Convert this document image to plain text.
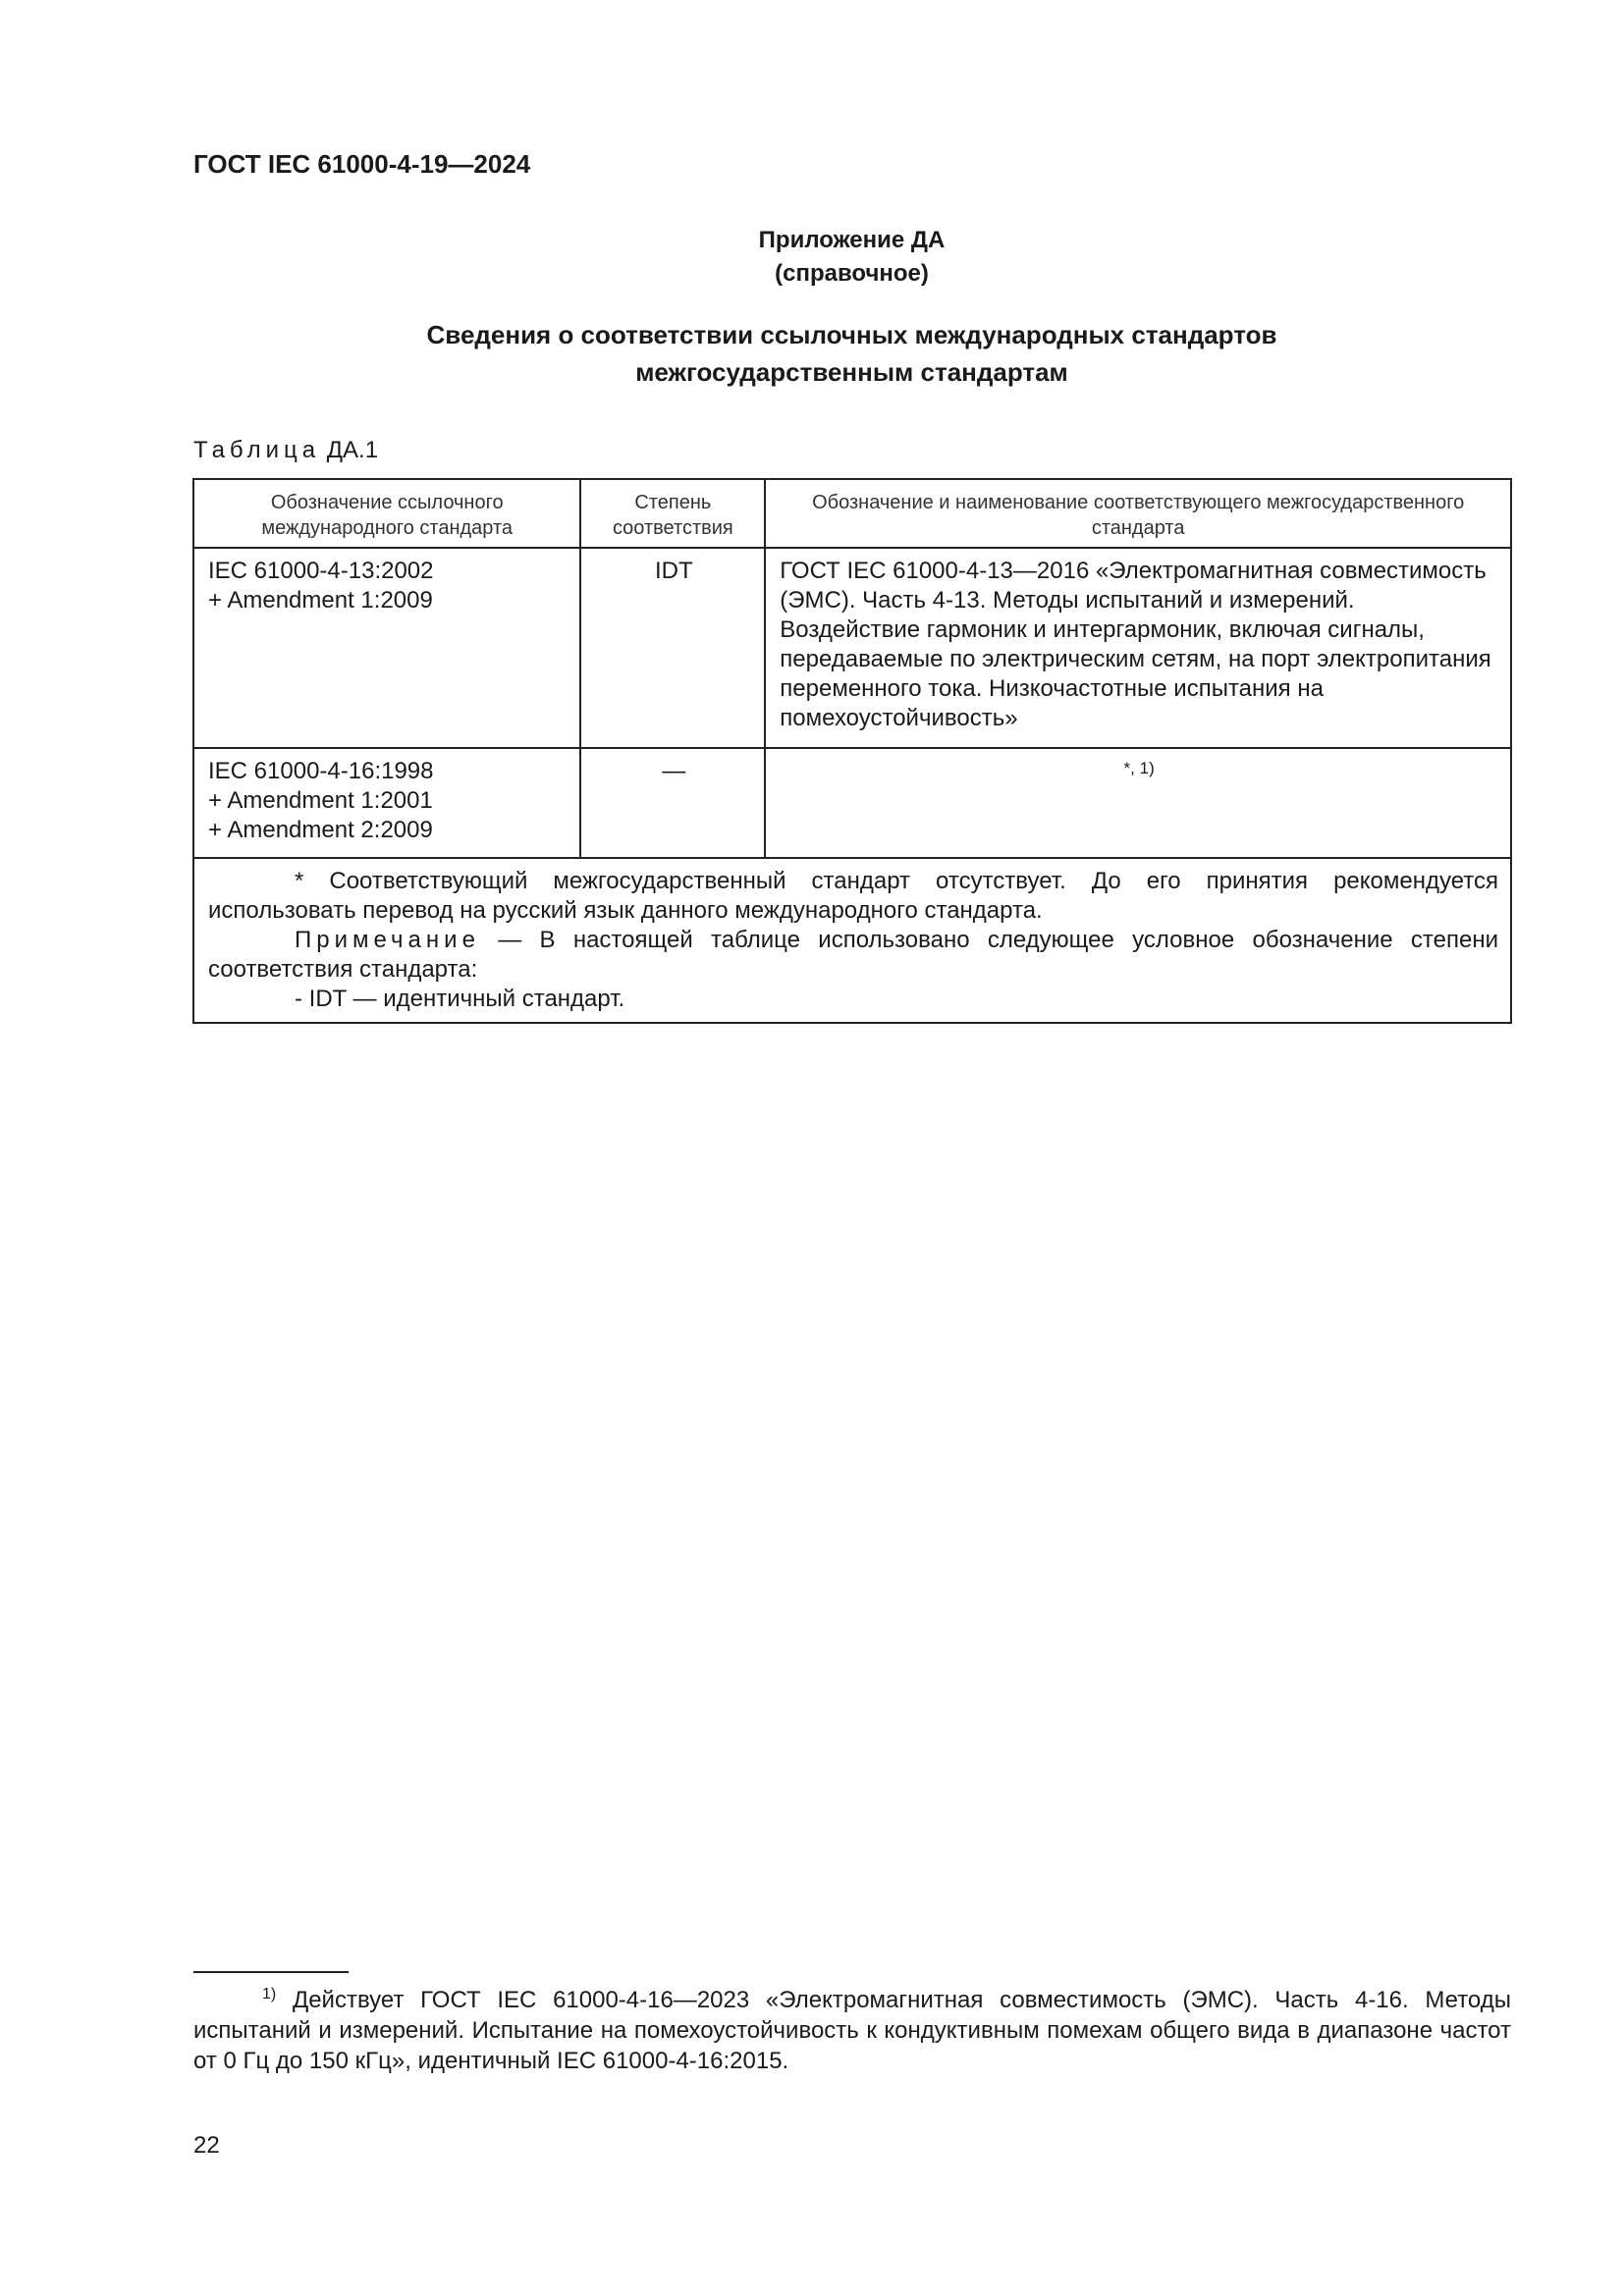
ГОСТ IEC 61000-4-19—2024
Приложение ДА
(справочное)
Сведения о соответствии ссылочных международных стандартов
межгосударственным стандартам
Таблица ДА.1
Обозначение ссылочного международного стандарта	Степень соответствия	Обозначение и наименование соответствующего межгосударственного стандарта

IEC 61000-4-13:2002
+ Amendment 1:2009	IDT	ГОСТ IEC 61000-4-13—2016 «Электромагнитная совместимость (ЭМС). Часть 4-13. Методы испытаний и измерений. Воздействие гармоник и интергармоник, включая сигналы, передаваемые по электрическим сетям, на порт электропитания переменного тока. Низкочастотные испытания на помехоустойчивость»

IEC 61000-4-16:1998
+ Amendment 1:2001
+ Amendment 2:2009	—	*, 1)

* Соответствующий межгосударственный стандарт отсутствует. До его принятия рекомендуется использовать перевод на русский язык данного международного стандарта.
Примечание — В настоящей таблице использовано следующее условное обозначение степени соответствия стандарта:
- IDT — идентичный стандарт.		
$^{1)}$ Действует ГОСТ IEC 61000-4-16—2023 «Электромагнитная совместимость (ЭМС). Часть 4-16. Методы испытаний и измерений. Испытание на помехоустойчивость к кондуктивным помехам общего вида в диапазоне частот от 0 Гц до 150 кГц», идентичный IEC 61000-4-16:2015.
22
